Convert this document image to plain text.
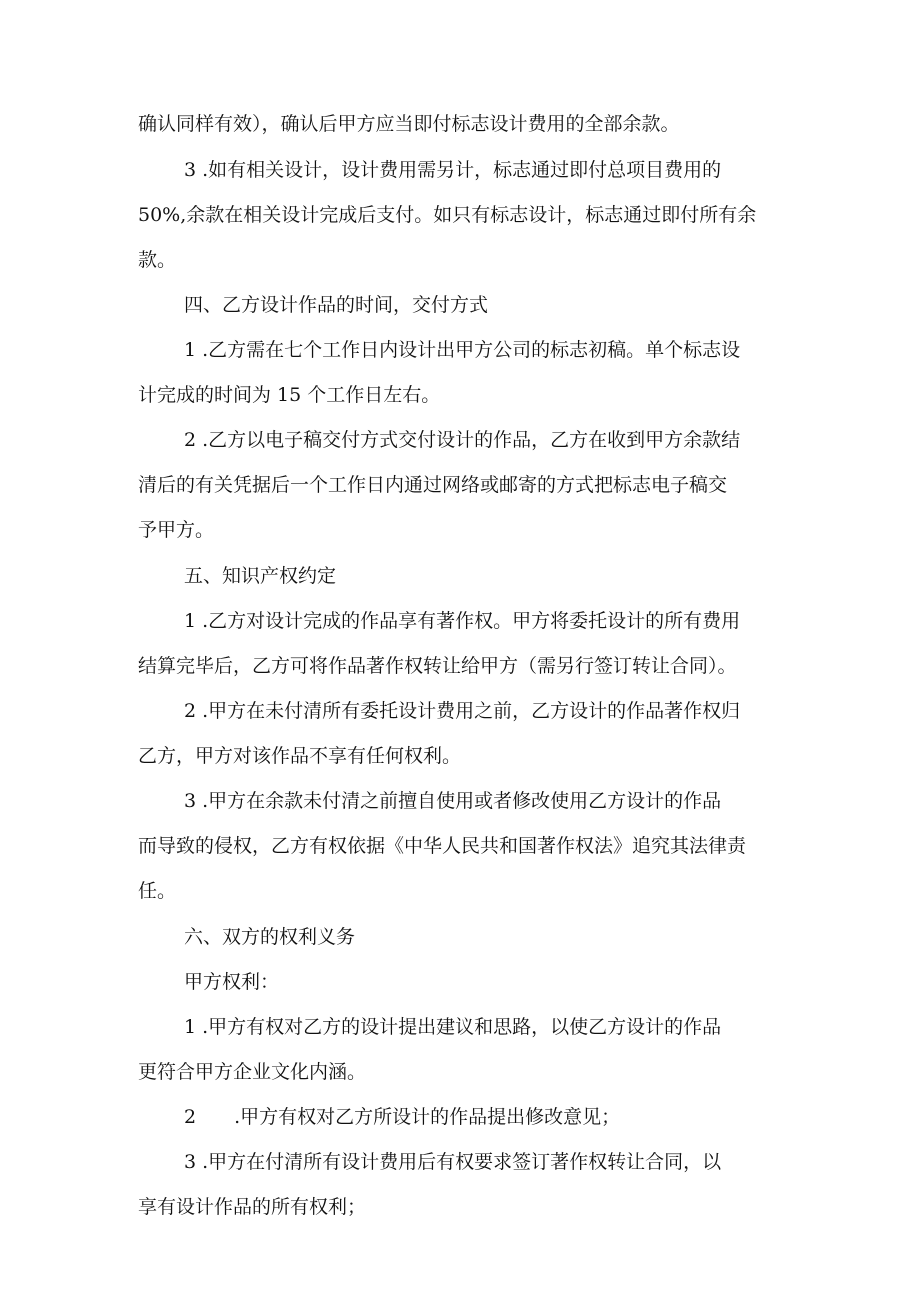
确认同样有效），确认后甲方应当即付标志设计费用的全部余款。
3 .如有相关设计，设计费用需另计，标志通过即付总项目费用的
50%,余款在相关设计完成后支付。如只有标志设计，标志通过即付所有余
款。
四、乙方设计作品的时间，交付方式
1 .乙方需在七个工作日内设计出甲方公司的标志初稿。单个标志设
计完成的时间为 15 个工作日左右。
2 .乙方以电子稿交付方式交付设计的作品，乙方在收到甲方余款结
清后的有关凭据后一个工作日内通过网络或邮寄的方式把标志电子稿交
予甲方。
五、知识产权约定
1 .乙方对设计完成的作品享有著作权。甲方将委托设计的所有费用
结算完毕后，乙方可将作品著作权转让给甲方（需另行签订转让合同）。
2 .甲方在未付清所有委托设计费用之前，乙方设计的作品著作权归
乙方，甲方对该作品不享有任何权利。
3 .甲方在余款未付清之前擅自使用或者修改使用乙方设计的作品
而导致的侵权，乙方有权依据《中华人民共和国著作权法》追究其法律责
任。
六、双方的权利义务
甲方权利：
1 .甲方有权对乙方的设计提出建议和思路，以使乙方设计的作品
更符合甲方企业文化内涵。
2　　.甲方有权对乙方所设计的作品提出修改意见；
3 .甲方在付清所有设计费用后有权要求签订著作权转让合同，以
享有设计作品的所有权利；
